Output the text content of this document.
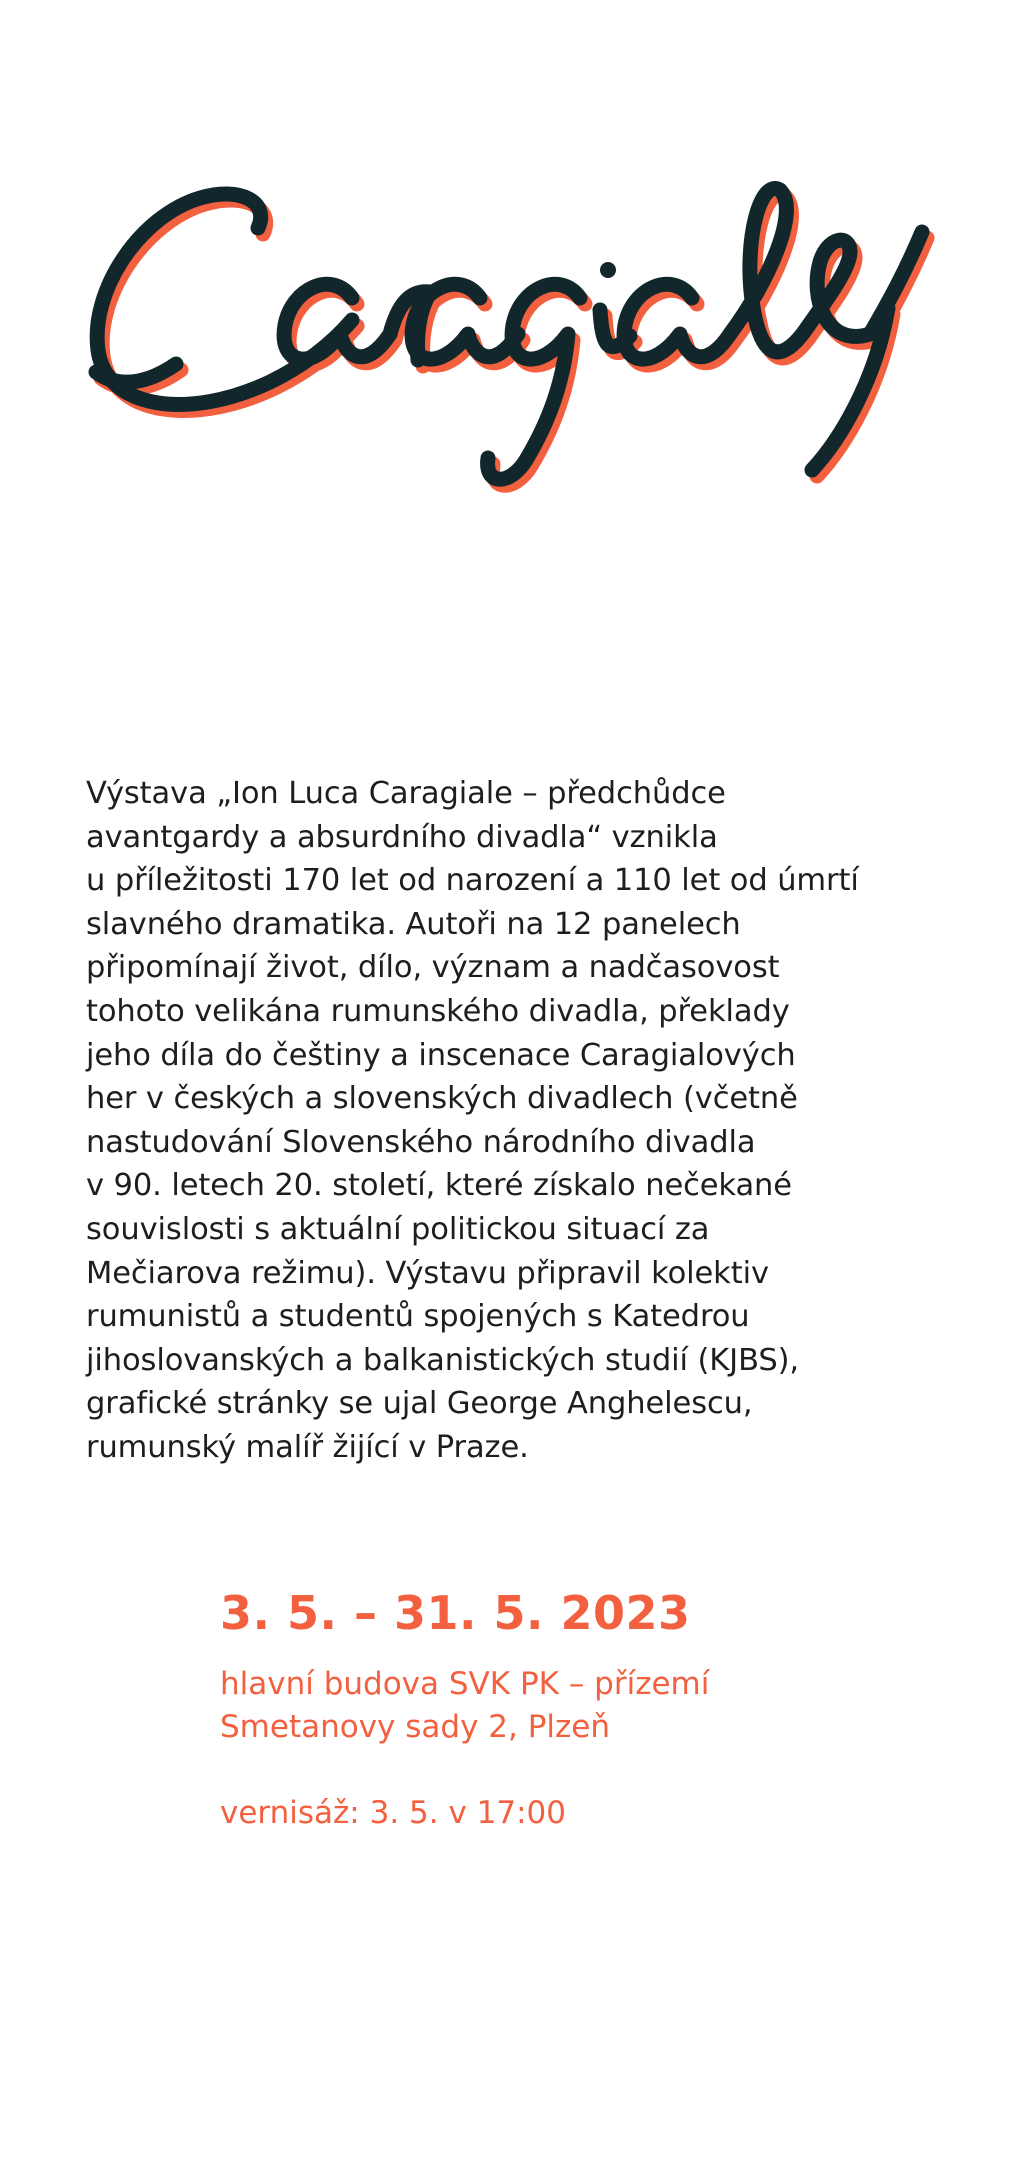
Výstava „Ion Luca Caragiale – předchůdce
avantgardy a absurdního divadla“ vznikla
u příležitosti 170 let od narození a 110 let od úmrtí
slavného dramatika. Autoři na 12 panelech
připomínají život, dílo, význam a nadčasovost
tohoto velikána rumunského divadla, překlady
jeho díla do češtiny a inscenace Caragialových
her v českých a slovenských divadlech (včetně
nastudování Slovenského národního divadla
v 90. letech 20. století, které získalo nečekané
souvislosti s aktuální politickou situací za
Mečiarova režimu). Výstavu připravil kolektiv
rumunistů a studentů spojených s Katedrou
jihoslovanských a balkanistických studií (KJBS),
grafické stránky se ujal George Anghelescu,
rumunský malíř žijící v Praze.
3. 5. – 31. 5. 2023
hlavní budova SVK PK – přízemí
Smetanovy sady 2, Plzeň
vernisáž: 3. 5. v 17:00
